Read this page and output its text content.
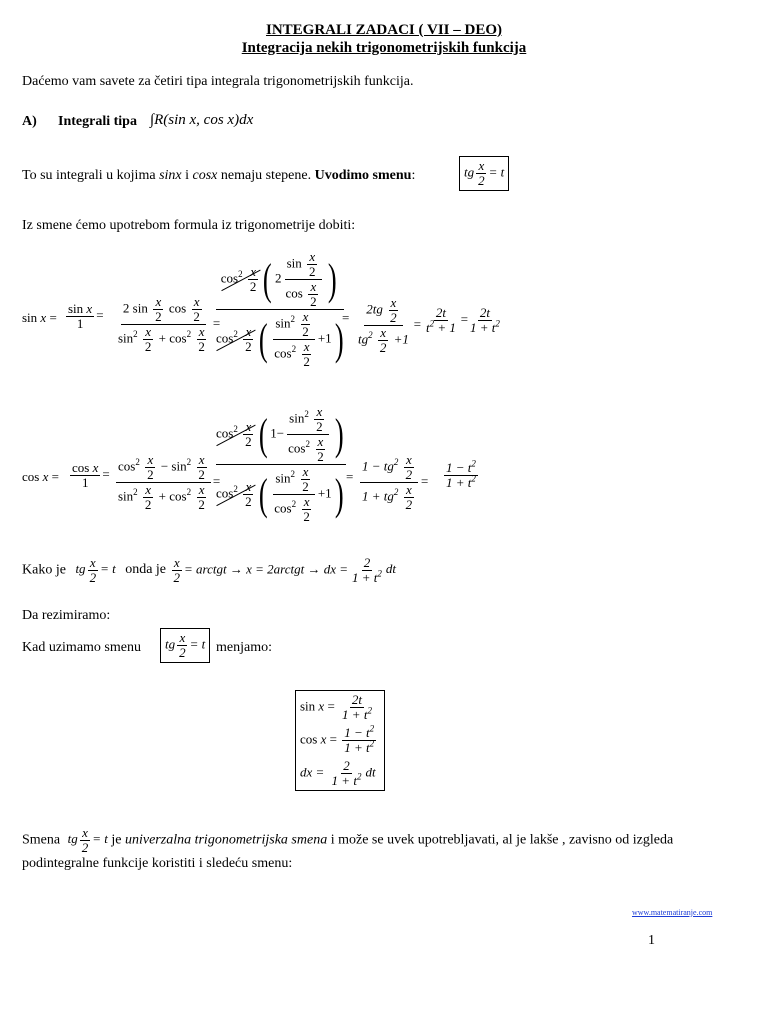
INTEGRALI ZADACI ( VII – DEO)
Integracija nekih trigonometrijskih funkcija
Dаćemo vam savete za četiri tipa integrala trigonometrijskih funkcija.
A) Integrali tipa ∫R(sin x, cos x)dx
To su integrali u kojima sinx i cosx nemaju stepene. Uvodimo smenu:	tg $\frac{x}{2} = t$
Iz smene ćemo upotrebom formula iz trigonometrije dobiti:
$\sin x = \frac{\text{sin x}}{1} = \frac{2 \sin \frac{x}{2} \cos \frac{x}{2}}{\sin^2 \frac{x}{2} + \cos^2 \frac{x}{2}}$ =
$\cos^2 \frac{x}{2}$ ( $2 \frac{\sin \frac{x}{2}}{\cos \frac{x}{2}}$ )
$\cos^2 \frac{x}{2}$ ( $\frac{\sin^2 \frac{x}{2}}{\cos^2 \frac{x}{2}} +1$)
= $\frac{2tg \frac{x}{2}}{tg^2 \frac{x}{2} +1} = \frac{2t}{t^2 + 1} = \frac{2t}{1 + t^2}$
$\cos x = \frac{\text{cos x}}{1} = \frac{\cos^2 \frac{x}{2} - \sin^2 \frac{x}{2}}{\sin^2 \frac{x}{2} + \cos^2 \frac{x}{2}}$ =
$\cos^2 \frac{x}{2}$ ( $1- \frac{\sin^2 \frac{x}{2}}{\cos^2 \frac{x}{2}}$ )
$\cos^2 \frac{x}{2}$ ( $\frac{\sin^2 \frac{x}{2}}{\cos^2 \frac{x}{2}} +1) = \frac{1 - tg^2 \frac{x}{2}}{1 + tg^2 \frac{x}{2}} = \frac{1 - t^2}{1 + t^2}$
Kako je tg $\frac{x}{2} = t$ onda je $\frac{x}{2}$ = arctgt → x = 2arctgt → dx = $\frac{2}{1 + t^2}$ dt
Da rezimiramo:
Kad uzimamo smenu	tg $\frac{x}{2} = t$ menjamo:
$\sin x = \frac{2t}{1 + t^2}$
$\cos x = \frac{1 - t^2}{1 + t^2}$
dx = $\frac{2}{1 + t^2}$ dt
Smena tg $\frac{x}{2} = t$ je univerzalna trigonometrijska smena i može se uvek upotrebljavati, al je lakše , zavisno od izgleda
podintegralne funkcije koristiti i sledeću smenu:
www.matematiranje.com
1
